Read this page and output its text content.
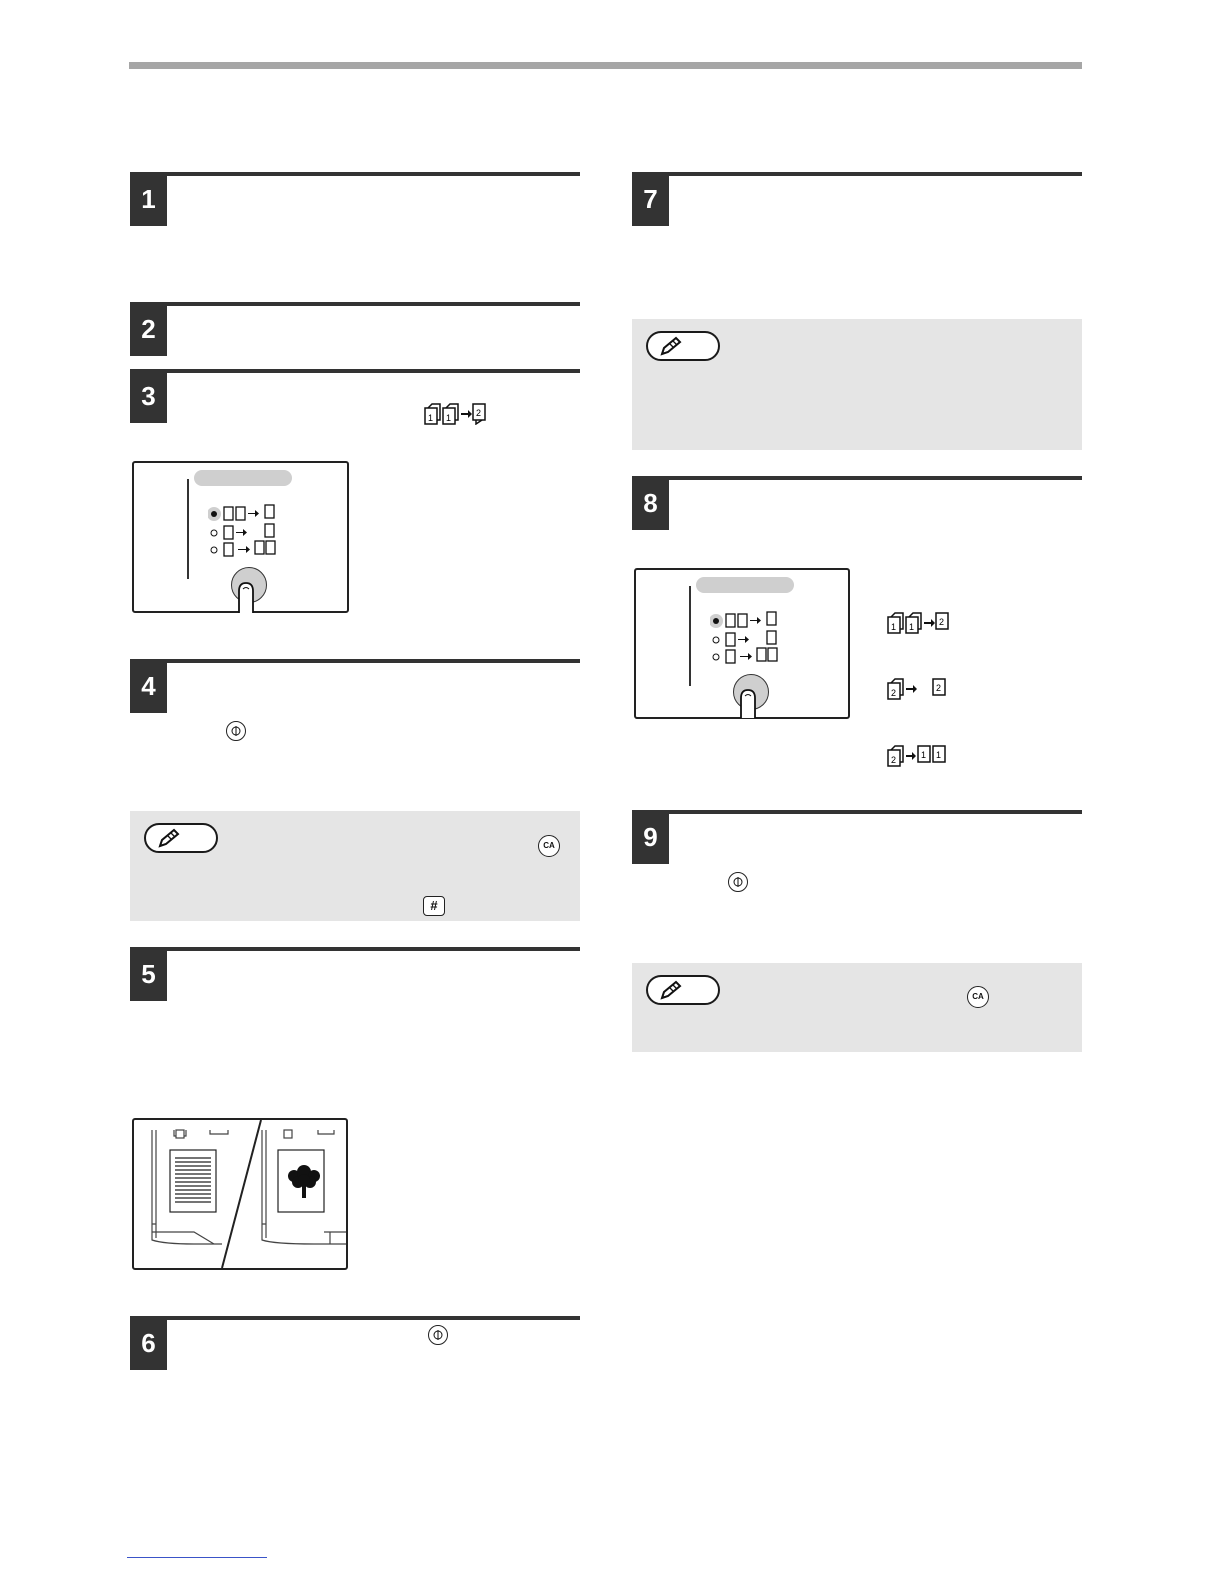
1
2
3
1 1	2
4
CA
#
5
6
7
8
1 1	2
2	2
2	1 1
9
CA
